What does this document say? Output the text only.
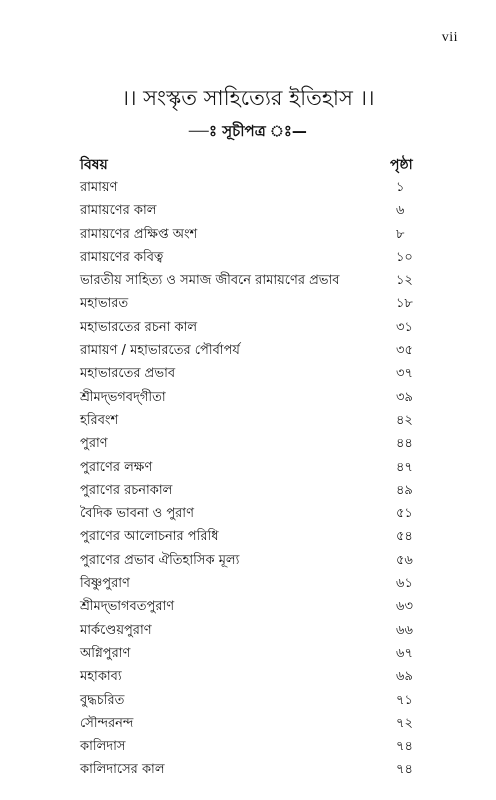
vii
।। সংস্কৃত সাহিত্যের ইতিহাস ।।
—ঃ সূচীপত্র ঃ—
বিষয়	পৃষ্ঠা
রামায়ণ	১
রামায়ণের কাল	৬
রামায়ণের প্রক্ষিপ্ত অংশ	৮
রামায়ণের কবিত্ব	১০
ভারতীয় সাহিত্য ও সমাজ জীবনে রামায়ণের প্রভাব	১২
মহাভারত	১৮
মহাভারতের রচনা কাল	৩১
রামায়ণ / মহাভারতের পৌর্বাপর্য	৩৫
মহাভারতের প্রভাব	৩৭
শ্রীমদ্‌ভগবদ্‌গীতা	৩৯
হরিবংশ	৪২
পুরাণ	৪৪
পুরাণের লক্ষণ	৪৭
পুরাণের রচনাকাল	৪৯
বৈদিক ভাবনা ও পুরাণ	৫১
পুরাণের আলোচনার পরিধি	৫৪
পুরাণের প্রভাব ঐতিহাসিক মূল্য	৫৬
বিষ্ণুপুরাণ	৬১
শ্রীমদ্‌ভাগবতপুরাণ	৬৩
মার্কণ্ডেয়পুরাণ	৬৬
অগ্নিপুরাণ	৬৭
মহাকাব্য	৬৯
বুদ্ধচরিত	৭১
সৌন্দরনন্দ	৭২
কালিদাস	৭৪
কালিদাসের কাল	৭৪
